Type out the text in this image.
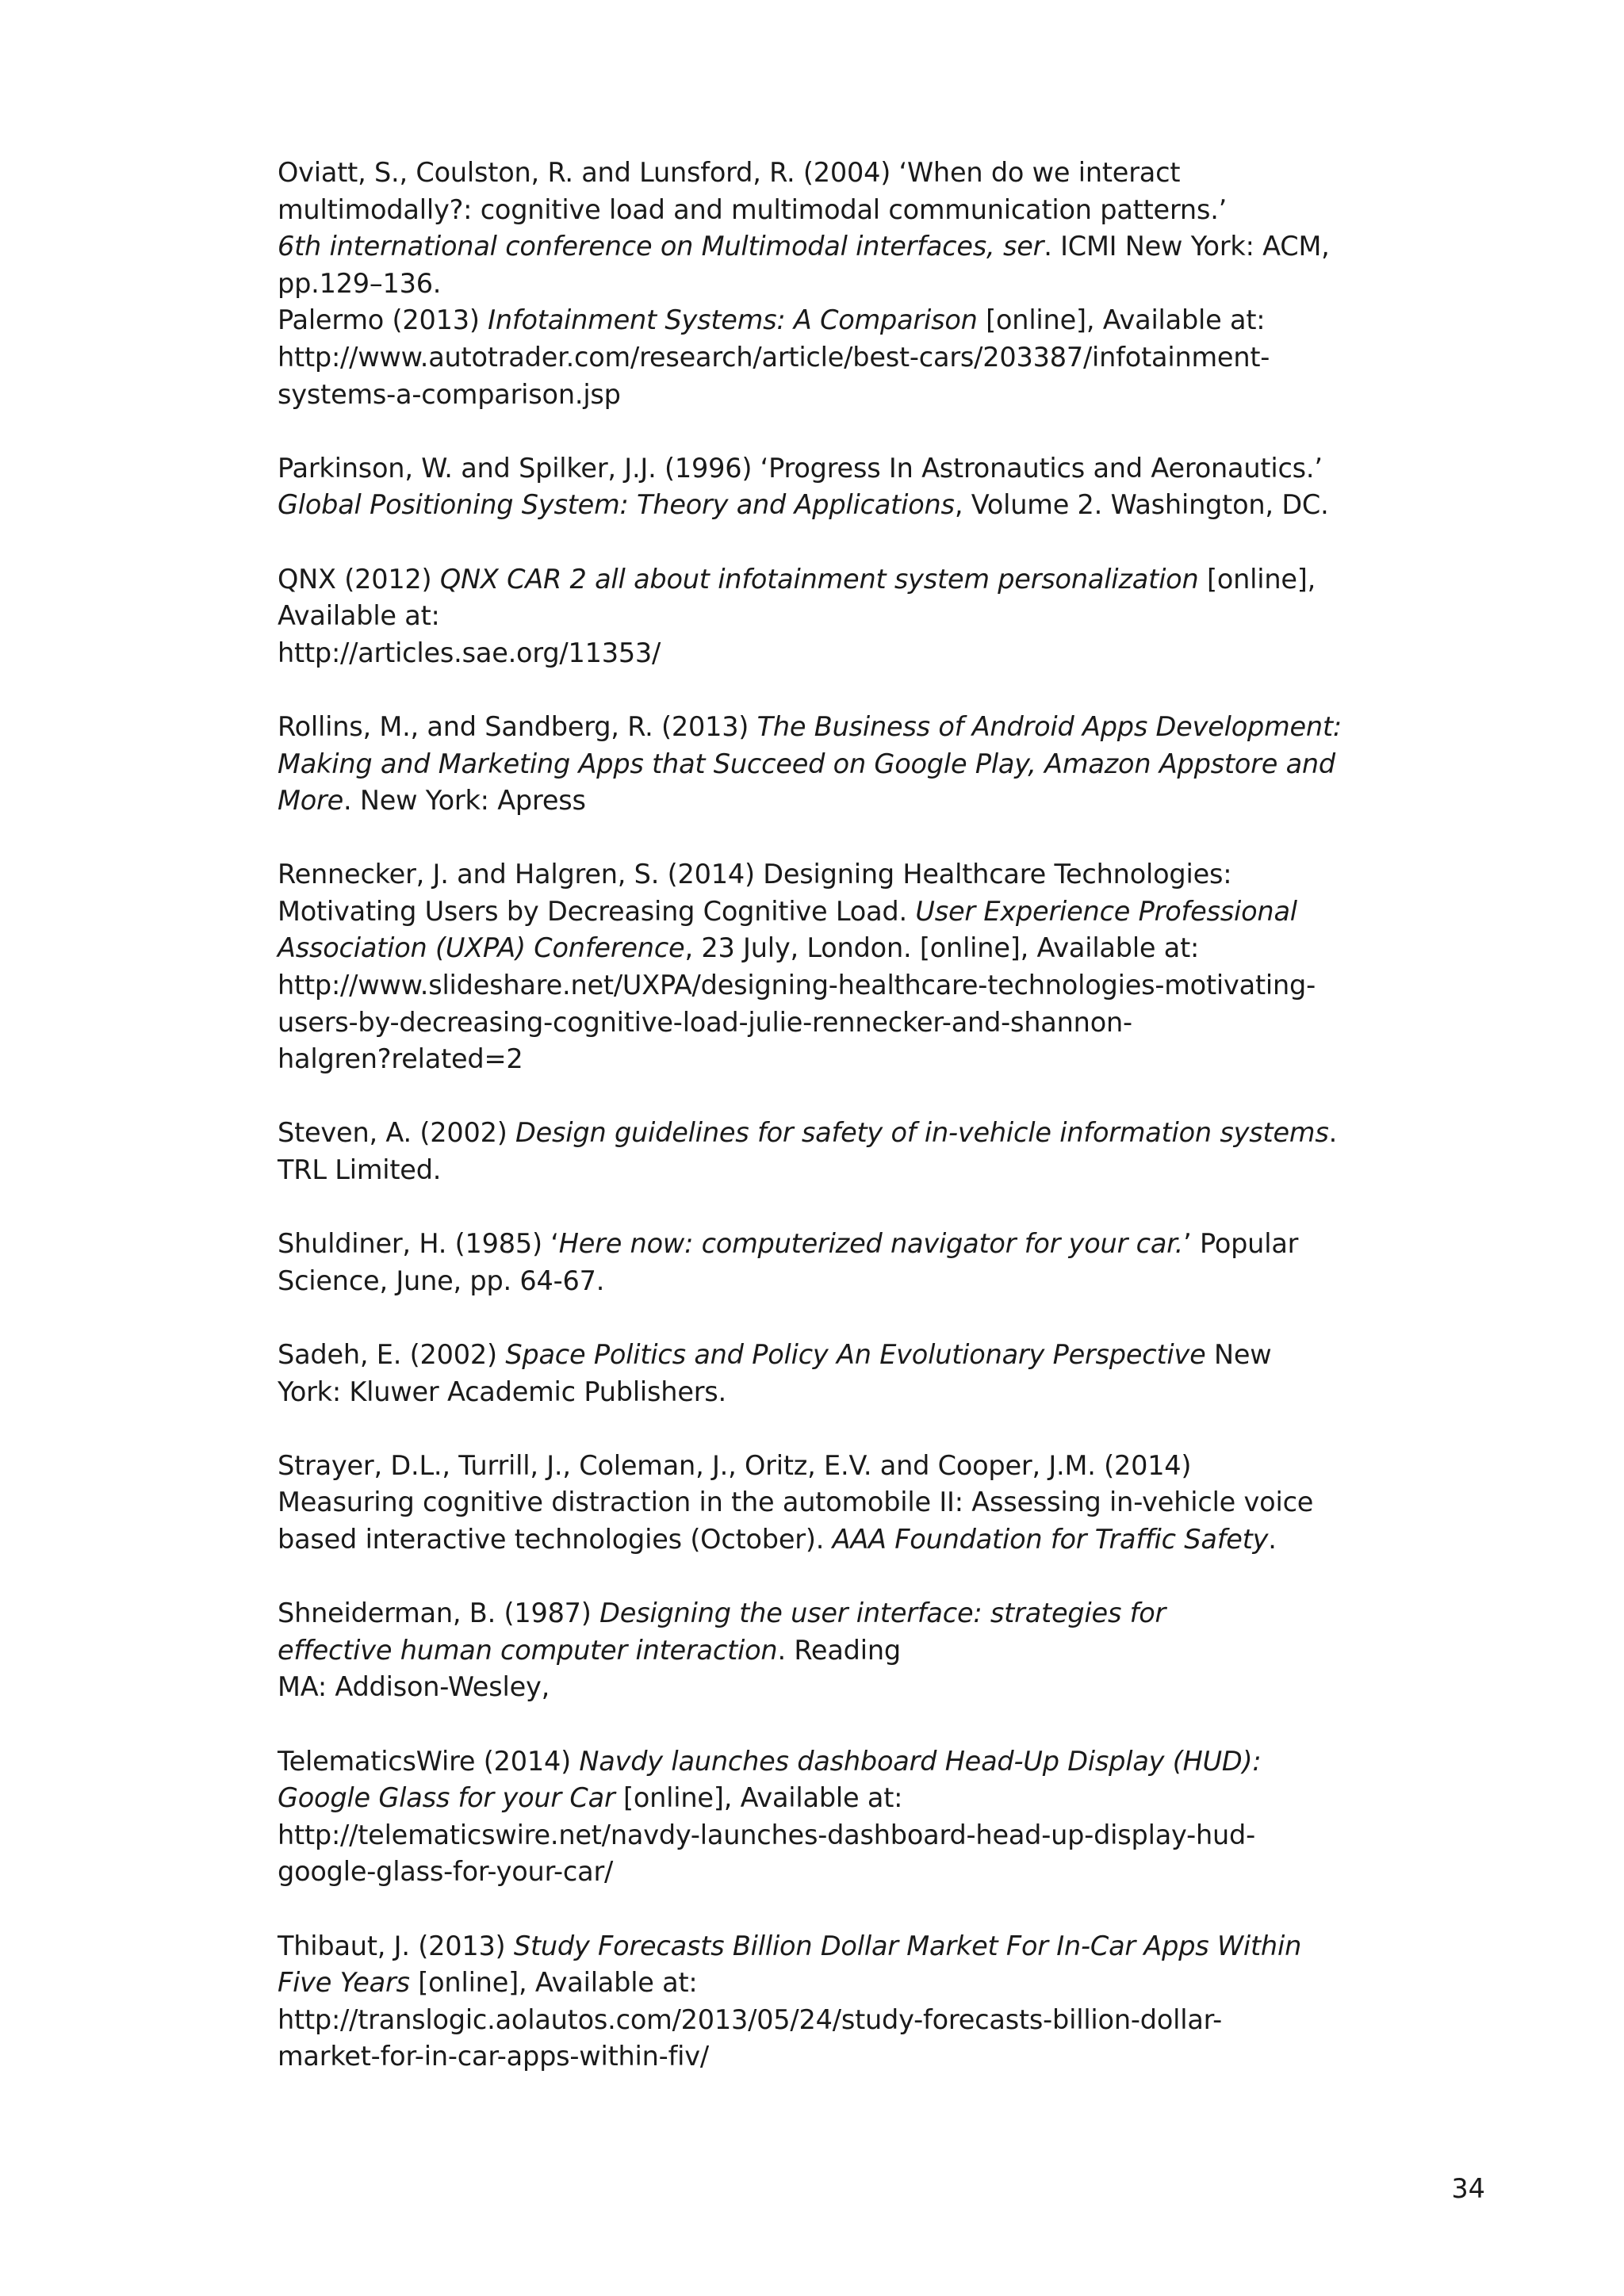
Oviatt, S., Coulston, R. and Lunsford, R. (2004) ‘When do we interact
multimodally?: cognitive load and multimodal communication patterns.’
6th international conference on Multimodal interfaces, ser. ICMI New York: ACM,
pp.129–136.
Palermo (2013) Infotainment Systems: A Comparison [online], Available at:
http://www.autotrader.com/research/article/best-cars/203387/infotainment-
systems-a-comparison.jsp
Parkinson, W. and Spilker, J.J. (1996) ‘Progress In Astronautics and Aeronautics.’
Global Positioning System: Theory and Applications, Volume 2. Washington, DC.
QNX (2012) QNX CAR 2 all about infotainment system personalization [online],
Available at:
http://articles.sae.org/11353/
Rollins, M., and Sandberg, R. (2013) The Business of Android Apps Development:
Making and Marketing Apps that Succeed on Google Play, Amazon Appstore and
More. New York: Apress
Rennecker, J. and Halgren, S. (2014) Designing Healthcare Technologies:
Motivating Users by Decreasing Cognitive Load. User Experience Professional
Association (UXPA) Conference, 23 July, London. [online], Available at:
http://www.slideshare.net/UXPA/designing-healthcare-technologies-motivating-
users-by-decreasing-cognitive-load-julie-rennecker-and-shannon-
halgren?related=2
Steven, A. (2002) Design guidelines for safety of in-vehicle information systems.
TRL Limited.
Shuldiner, H. (1985) ‘Here now: computerized navigator for your car.’ Popular
Science, June, pp. 64-67.
Sadeh, E. (2002) Space Politics and Policy An Evolutionary Perspective New
York: Kluwer Academic Publishers.
Strayer, D.L., Turrill, J., Coleman, J., Oritz, E.V. and Cooper, J.M. (2014)
Measuring cognitive distraction in the automobile II: Assessing in-vehicle voice
based interactive technologies (October). AAA Foundation for Traffic Safety.
Shneiderman, B. (1987) Designing the user interface: strategies for
effective human computer interaction. Reading
MA: Addison-Wesley,
TelematicsWire (2014) Navdy launches dashboard Head-Up Display (HUD):
Google Glass for your Car [online], Available at:
http://telematicswire.net/navdy-launches-dashboard-head-up-display-hud-
google-glass-for-your-car/
Thibaut, J. (2013) Study Forecasts Billion Dollar Market For In-Car Apps Within
Five Years [online], Available at:
http://translogic.aolautos.com/2013/05/24/study-forecasts-billion-dollar-
market-for-in-car-apps-within-fiv/
34
